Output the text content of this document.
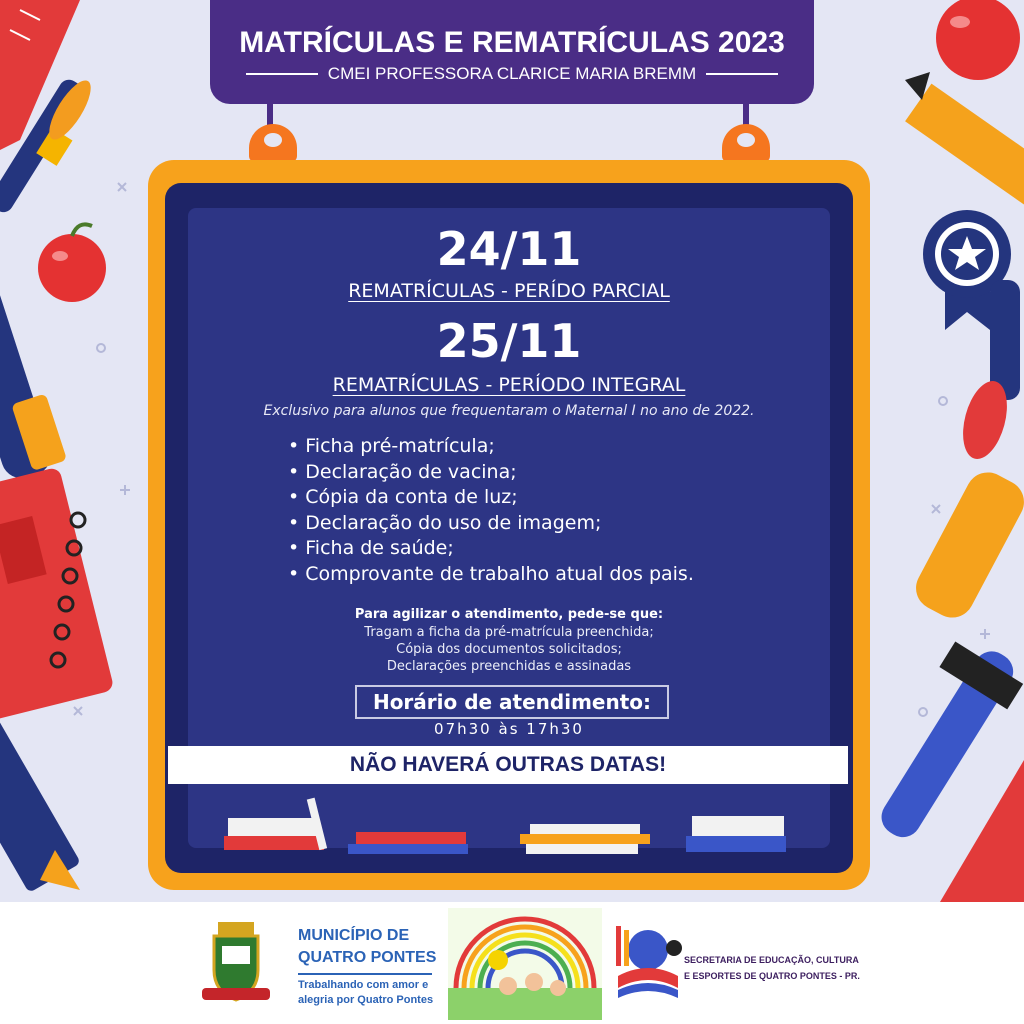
MATRÍCULAS E REMATRÍCULAS 2023
CMEI PROFESSORA CLARICE MARIA BREMM
24/11
REMATRÍCULAS - PERÍDO PARCIAL
25/11
REMATRÍCULAS - PERÍODO INTEGRAL
Exclusivo para alunos que frequentaram o Maternal I no ano de 2022.
• Ficha pré-matrícula;
• Declaração de vacina;
• Cópia da conta de luz;
• Declaração do uso de imagem;
• Ficha de saúde;
• Comprovante de trabalho atual dos pais.
Para agilizar o atendimento, pede-se que:
Tragam a ficha da pré-matrícula preenchida;
Cópia dos documentos solicitados;
Declarações preenchidas e assinadas
Horário de atendimento:
07h30 às 17h30
NÃO HAVERÁ OUTRAS DATAS!
MUNICÍPIO DE
QUATRO PONTES
Trabalhando com amor e
alegria por Quatro Pontes
SECRETARIA DE EDUCAÇÃO, CULTURA
E ESPORTES DE QUATRO PONTES - PR.
